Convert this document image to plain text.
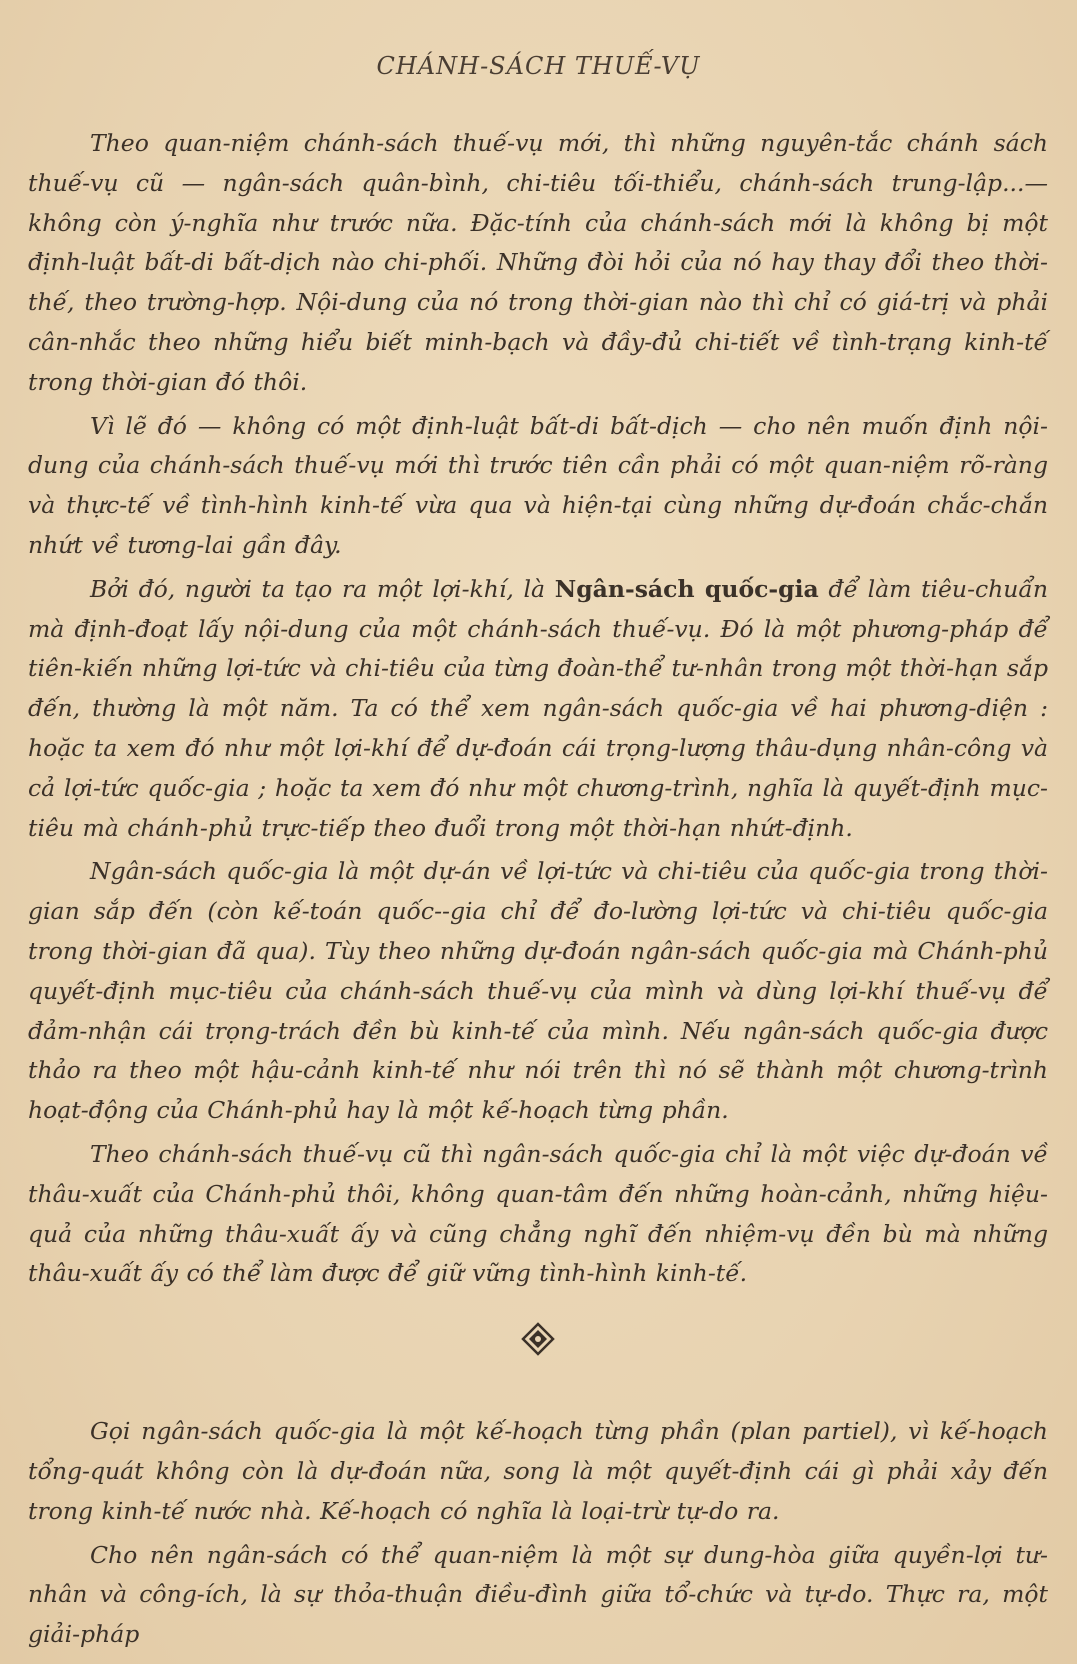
CHÁNH-SÁCH THUẾ-VỤ

Theo quan-niệm chánh-sách thuế-vụ mới, thì những nguyên-tắc chánh sách thuế-vụ cũ — ngân-sách quân-bình, chi-tiêu tối-thiểu, chánh-sách trung-lập...— không còn ý-nghĩa như trước nữa. Đặc-tính của chánh-sách mới là không bị một định-luật bất-di bất-dịch nào chi-phối. Những đòi hỏi của nó hay thay đổi theo thời-thế, theo trường-hợp. Nội-dung của nó trong thời-gian nào thì chỉ có giá-trị và phải cân-nhắc theo những hiểu biết minh-bạch và đầy-đủ chi-tiết về tình-trạng kinh-tế trong thời-gian đó thôi.

Vì lẽ đó — không có một định-luật bất-di bất-dịch — cho nên muốn định nội-dung của chánh-sách thuế-vụ mới thì trước tiên cần phải có một quan-niệm rõ-ràng và thực-tế về tình-hình kinh-tế vừa qua và hiện-tại cùng những dự-đoán chắc-chắn nhứt về tương-lai gần đây.

Bởi đó, người ta tạo ra một lợi-khí, là Ngân-sách quốc-gia để làm tiêu-chuẩn mà định-đoạt lấy nội-dung của một chánh-sách thuế-vụ. Đó là một phương-pháp để tiên-kiến những lợi-tức và chi-tiêu của từng đoàn-thể tư-nhân trong một thời-hạn sắp đến, thường là một năm. Ta có thể xem ngân-sách quốc-gia về hai phương-diện : hoặc ta xem đó như một lợi-khí để dự-đoán cái trọng-lượng thâu-dụng nhân-công và cả lợi-tức quốc-gia ; hoặc ta xem đó như một chương-trình, nghĩa là quyết-định mục-tiêu mà chánh-phủ trực-tiếp theo đuổi trong một thời-hạn nhứt-định.

Ngân-sách quốc-gia là một dự-án về lợi-tức và chi-tiêu của quốc-gia trong thời-gian sắp đến (còn kế-toán quốc--gia chỉ để đo-lường lợi-tức và chi-tiêu quốc-gia trong thời-gian đã qua). Tùy theo những dự-đoán ngân-sách quốc-gia mà Chánh-phủ quyết-định mục-tiêu của chánh-sách thuế-vụ của mình và dùng lợi-khí thuế-vụ để đảm-nhận cái trọng-trách đền bù kinh-tế của mình. Nếu ngân-sách quốc-gia được thảo ra theo một hậu-cảnh kinh-tế như nói trên thì nó sẽ thành một chương-trình hoạt-động của Chánh-phủ hay là một kế-hoạch từng phần.

Theo chánh-sách thuế-vụ cũ thì ngân-sách quốc-gia chỉ là một việc dự-đoán về thâu-xuất của Chánh-phủ thôi, không quan-tâm đến những hoàn-cảnh, những hiệu-quả của những thâu-xuất ấy và cũng chẳng nghĩ đến nhiệm-vụ đền bù mà những thâu-xuất ấy có thể làm được để giữ vững tình-hình kinh-tế.

Gọi ngân-sách quốc-gia là một kế-hoạch từng phần (plan partiel), vì kế-hoạch tổng-quát không còn là dự-đoán nữa, song là một quyết-định cái gì phải xảy đến trong kinh-tế nước nhà. Kế-hoạch có nghĩa là loại-trừ tự-do ra.

Cho nên ngân-sách có thể quan-niệm là một sự dung-hòa giữa quyền-lợi tư-nhân và công-ích, là sự thỏa-thuận điều-đình giữa tổ-chức và tự-do. Thực ra, một giải-pháp
